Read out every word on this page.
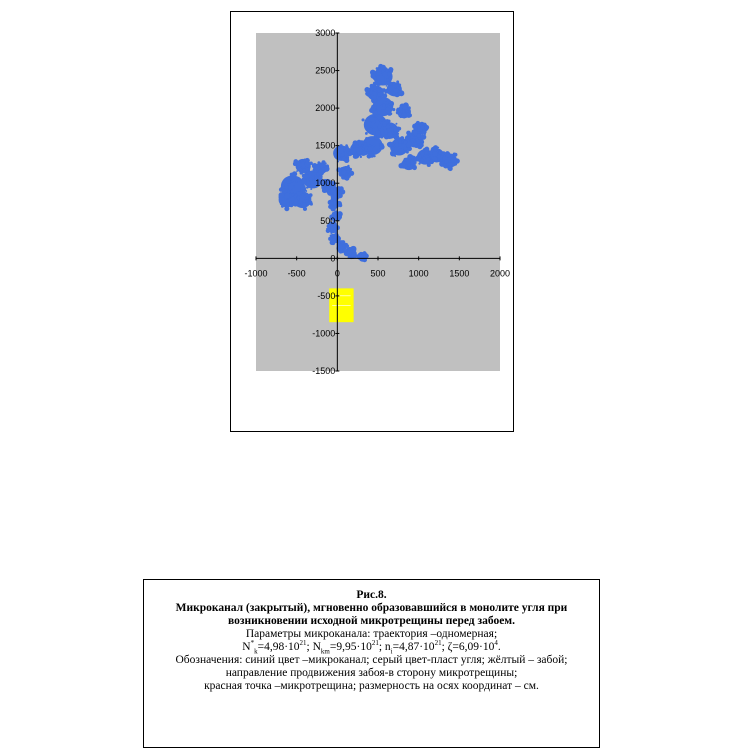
-1000 -500	0	500	1000 1500 2000
3000
2500
2000
1500
1000
500
0
-500
-1000
-1500
Рис.8.
Микроканал (закрытый), мгновенно образовавшийся в монолите угля при
возникновении исходной микротрещины перед забоем.
Параметры микроканала: траектория –одномерная;
$N^*_k=4,98\cdot 10^{21}$; $N_{km}=9,95\cdot 10^{21}$; $n_i=4,87\cdot 10^{21}$; $\zeta=6,09\cdot 10^4$.
Обозначения: синий цвет –микроканал; серый цвет-пласт угля; жёлтый – забой;
направление продвижения забоя-в сторону микротрещины;
красная точка –микротрещина; размерность на осях координат – см.
